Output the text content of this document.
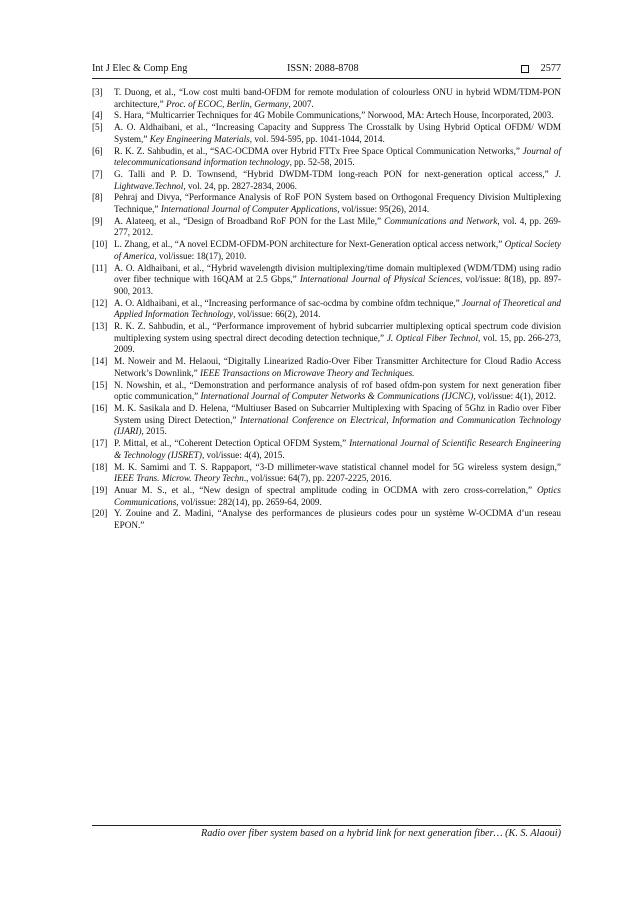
Int J Elec & Comp Eng	ISSN: 2088-8708	2577
[3]	T. Duong, et al., “Low cost multi band-OFDM for remote modulation of colourless ONU in hybrid WDM/TDM-PON architecture,” Proc. of ECOC, Berlin, Germany, 2007.
[4]	S. Hara, “Multicarrier Techniques for 4G Mobile Communications,” Norwood, MA: Artech House, Incorporated, 2003.
[5]	A. O. Aldhaibani, et al., “Increasing Capacity and Suppress The Crosstalk by Using Hybrid Optical OFDM/ WDM System,” Key Engineering Materials, vol. 594-595, pp. 1041-1044, 2014.
[6]	R. K. Z. Sahbudin, et al., “SAC-OCDMA over Hybrid FTTx Free Space Optical Communication Networks,” Journal of telecommunicationsand information technology, pp. 52-58, 2015.
[7]	G. Talli and P. D. Townsend, “Hybrid DWDM-TDM long-reach PON for next-generation optical access,” J. Lightwave.Technol, vol. 24, pp. 2827-2834, 2006.
[8]	Pehraj and Divya, “Performance Analysis of RoF PON System based on Orthogonal Frequency Division Multiplexing Technique,” International Journal of Computer Applications, vol/issue: 95(26), 2014.
[9]	A. Alateeq, et al., “Design of Broadband RoF PON for the Last Mile,” Communications and Network, vol. 4, pp. 269-277, 2012.
[10] L. Zhang, et al., “A novel ECDM-OFDM-PON architecture for Next-Generation optical access network,” Optical Society of America, vol/issue: 18(17), 2010.
[11] A. O. Aldhaibani, et al., “Hybrid wavelength division multiplexing/time domain multiplexed (WDM/TDM) using radio over fiber technique with 16QAM at 2.5 Gbps,” International Journal of Physical Sciences, vol/issue: 8(18), pp. 897-900, 2013.
[12] A. O. Aldhaibani, et al., “Increasing performance of sac-ocdma by combine ofdm technique,” Journal of Theoretical and Applied Information Technology, vol/issue: 66(2), 2014.
[13] R. K. Z. Sahbudin, et al., “Performance improvement of hybrid subcarrier multiplexing optical spectrum code division multiplexing system using spectral direct decoding detection technique,” J. Optical Fiber Technol, vol. 15, pp. 266-273, 2009.
[14] M. Noweir and M. Helaoui, “Digitally Linearized Radio-Over Fiber Transmitter Architecture for Cloud Radio Access Network’s Downlink,” IEEE Transactions on Microwave Theory and Techniques.
[15] N. Nowshin, et al., “Demonstration and performance analysis of rof based ofdm-pon system for next generation fiber optic communication,” International Journal of Computer Networks & Communications (IJCNC), vol/issue: 4(1), 2012.
[16] M. K. Sasikala and D. Helena, “Multiuser Based on Subcarrier Multiplexing with Spacing of 5Ghz in Radio over Fiber System using Direct Detection,” International Conference on Electrical, Information and Communication Technology (IJARI), 2015.
[17] P. Mittal, et al., “Coherent Detection Optical OFDM System,” International Journal of Scientific Research Engineering & Technology (IJSRET), vol/issue: 4(4), 2015.
[18] M. K. Samimi and T. S. Rappaport, “3-D millimeter-wave statistical channel model for 5G wireless system design,” IEEE Trans. Microw. Theory Techn., vol/issue: 64(7), pp. 2207-2225, 2016.
[19] Anuar M. S., et al., “New design of spectral amplitude coding in OCDMA with zero cross-correlation,” Optics Communications, vol/issue: 282(14), pp. 2659-64, 2009.
[20] Y. Zouine and Z. Madini, “Analyse des performances de plusieurs codes pour un système W-OCDMA d’un reseau EPON.”
Radio over fiber system based on a hybrid link for next generation fiber… (K. S. Alaoui)
